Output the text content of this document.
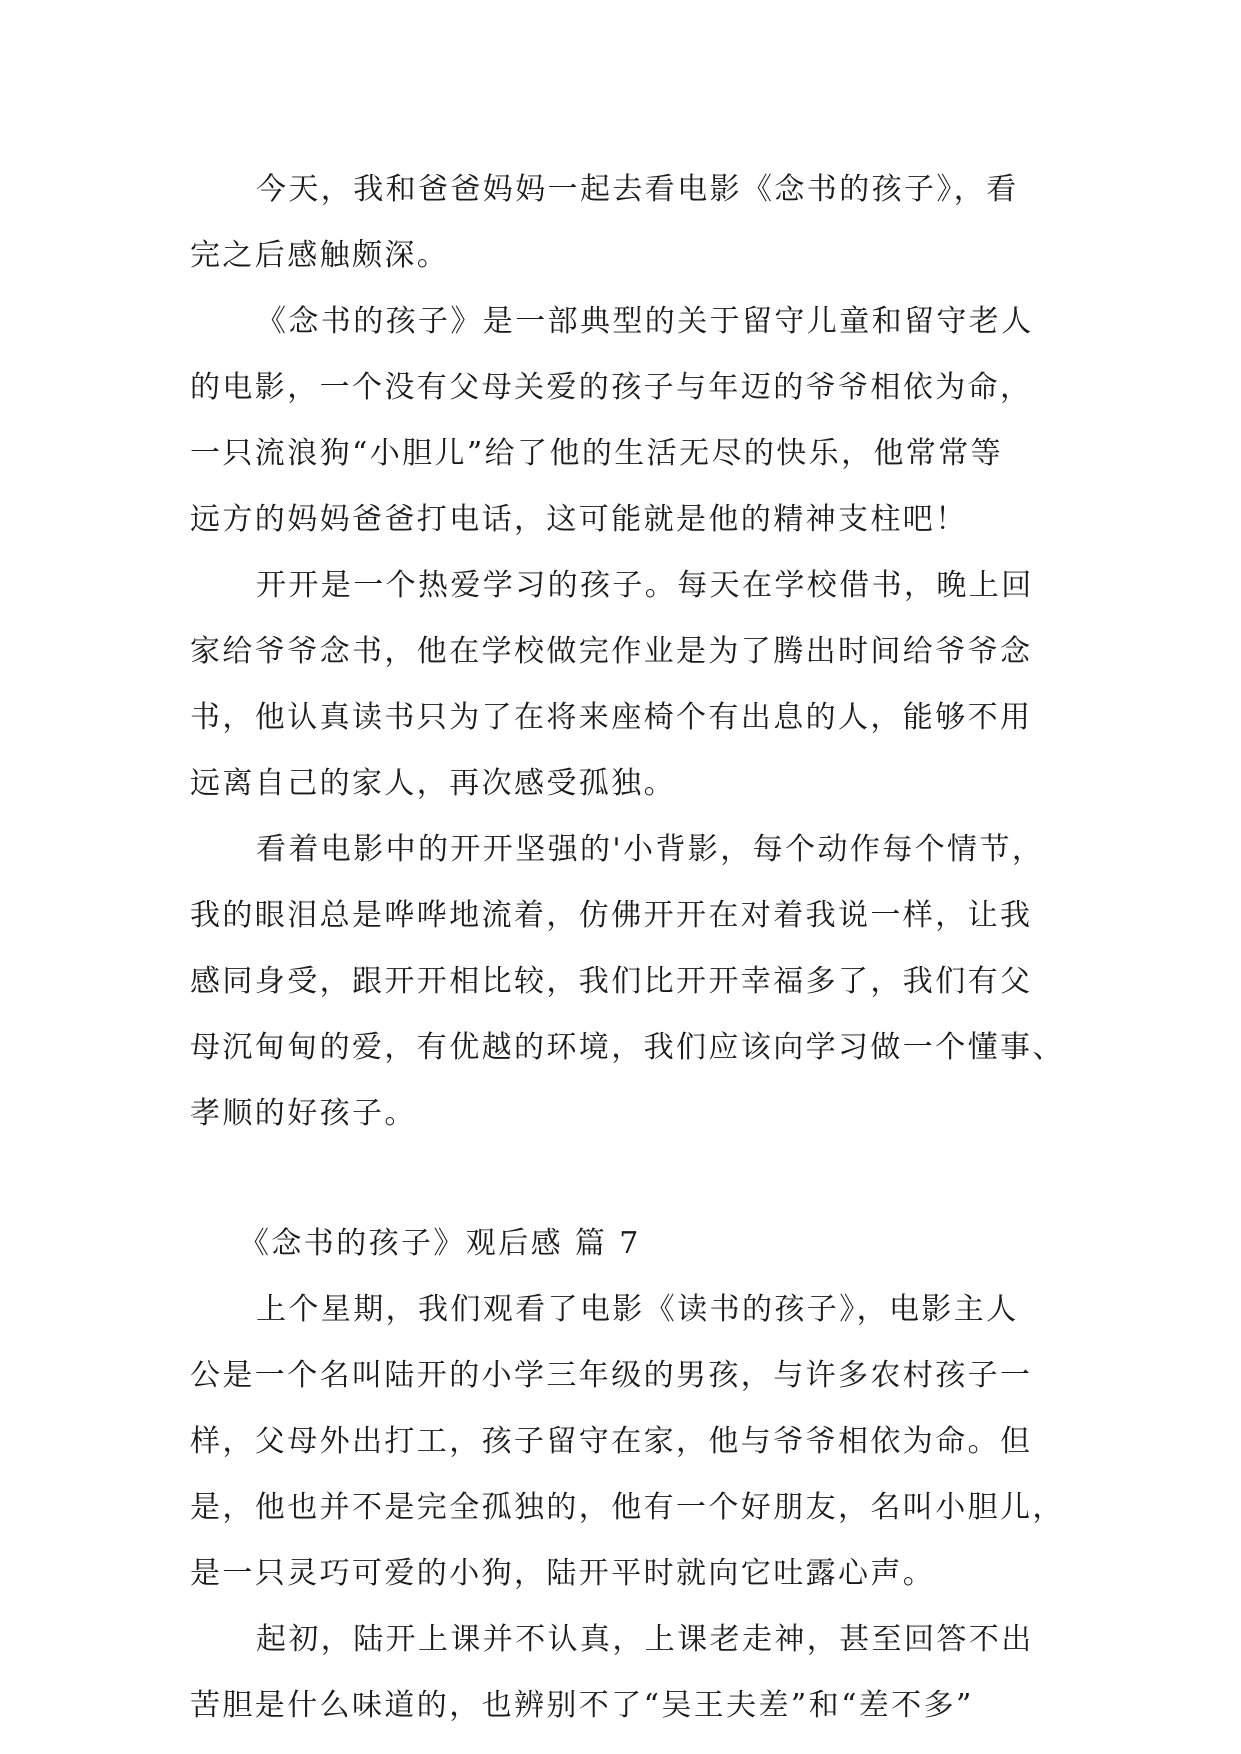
今天，我和爸爸妈妈一起去看电影《念书的孩子》，看
完之后感触颇深。
《念书的孩子》是一部典型的关于留守儿童和留守老人
的电影，一个没有父母关爱的孩子与年迈的爷爷相依为命，
一只流浪狗“小胆儿”给了他的生活无尽的快乐，他常常等
远方的妈妈爸爸打电话，这可能就是他的精神支柱吧！
开开是一个热爱学习的孩子。每天在学校借书，晚上回
家给爷爷念书，他在学校做完作业是为了腾出时间给爷爷念
书，他认真读书只为了在将来座椅个有出息的人，能够不用
远离自己的家人，再次感受孤独。
看着电影中的开开坚强的'小背影，每个动作每个情节，
我的眼泪总是哗哗地流着，仿佛开开在对着我说一样，让我
感同身受，跟开开相比较，我们比开开幸福多了，我们有父
母沉甸甸的爱，有优越的环境，我们应该向学习做一个懂事、
孝顺的好孩子。
《念书的孩子》观后感 篇 7
上个星期，我们观看了电影《读书的孩子》，电影主人
公是一个名叫陆开的小学三年级的男孩，与许多农村孩子一
样，父母外出打工，孩子留守在家，他与爷爷相依为命。但
是，他也并不是完全孤独的，他有一个好朋友，名叫小胆儿，
是一只灵巧可爱的小狗，陆开平时就向它吐露心声。
起初，陆开上课并不认真，上课老走神，甚至回答不出
苦胆是什么味道的，也辨别不了“吴王夫差”和“差不多”
